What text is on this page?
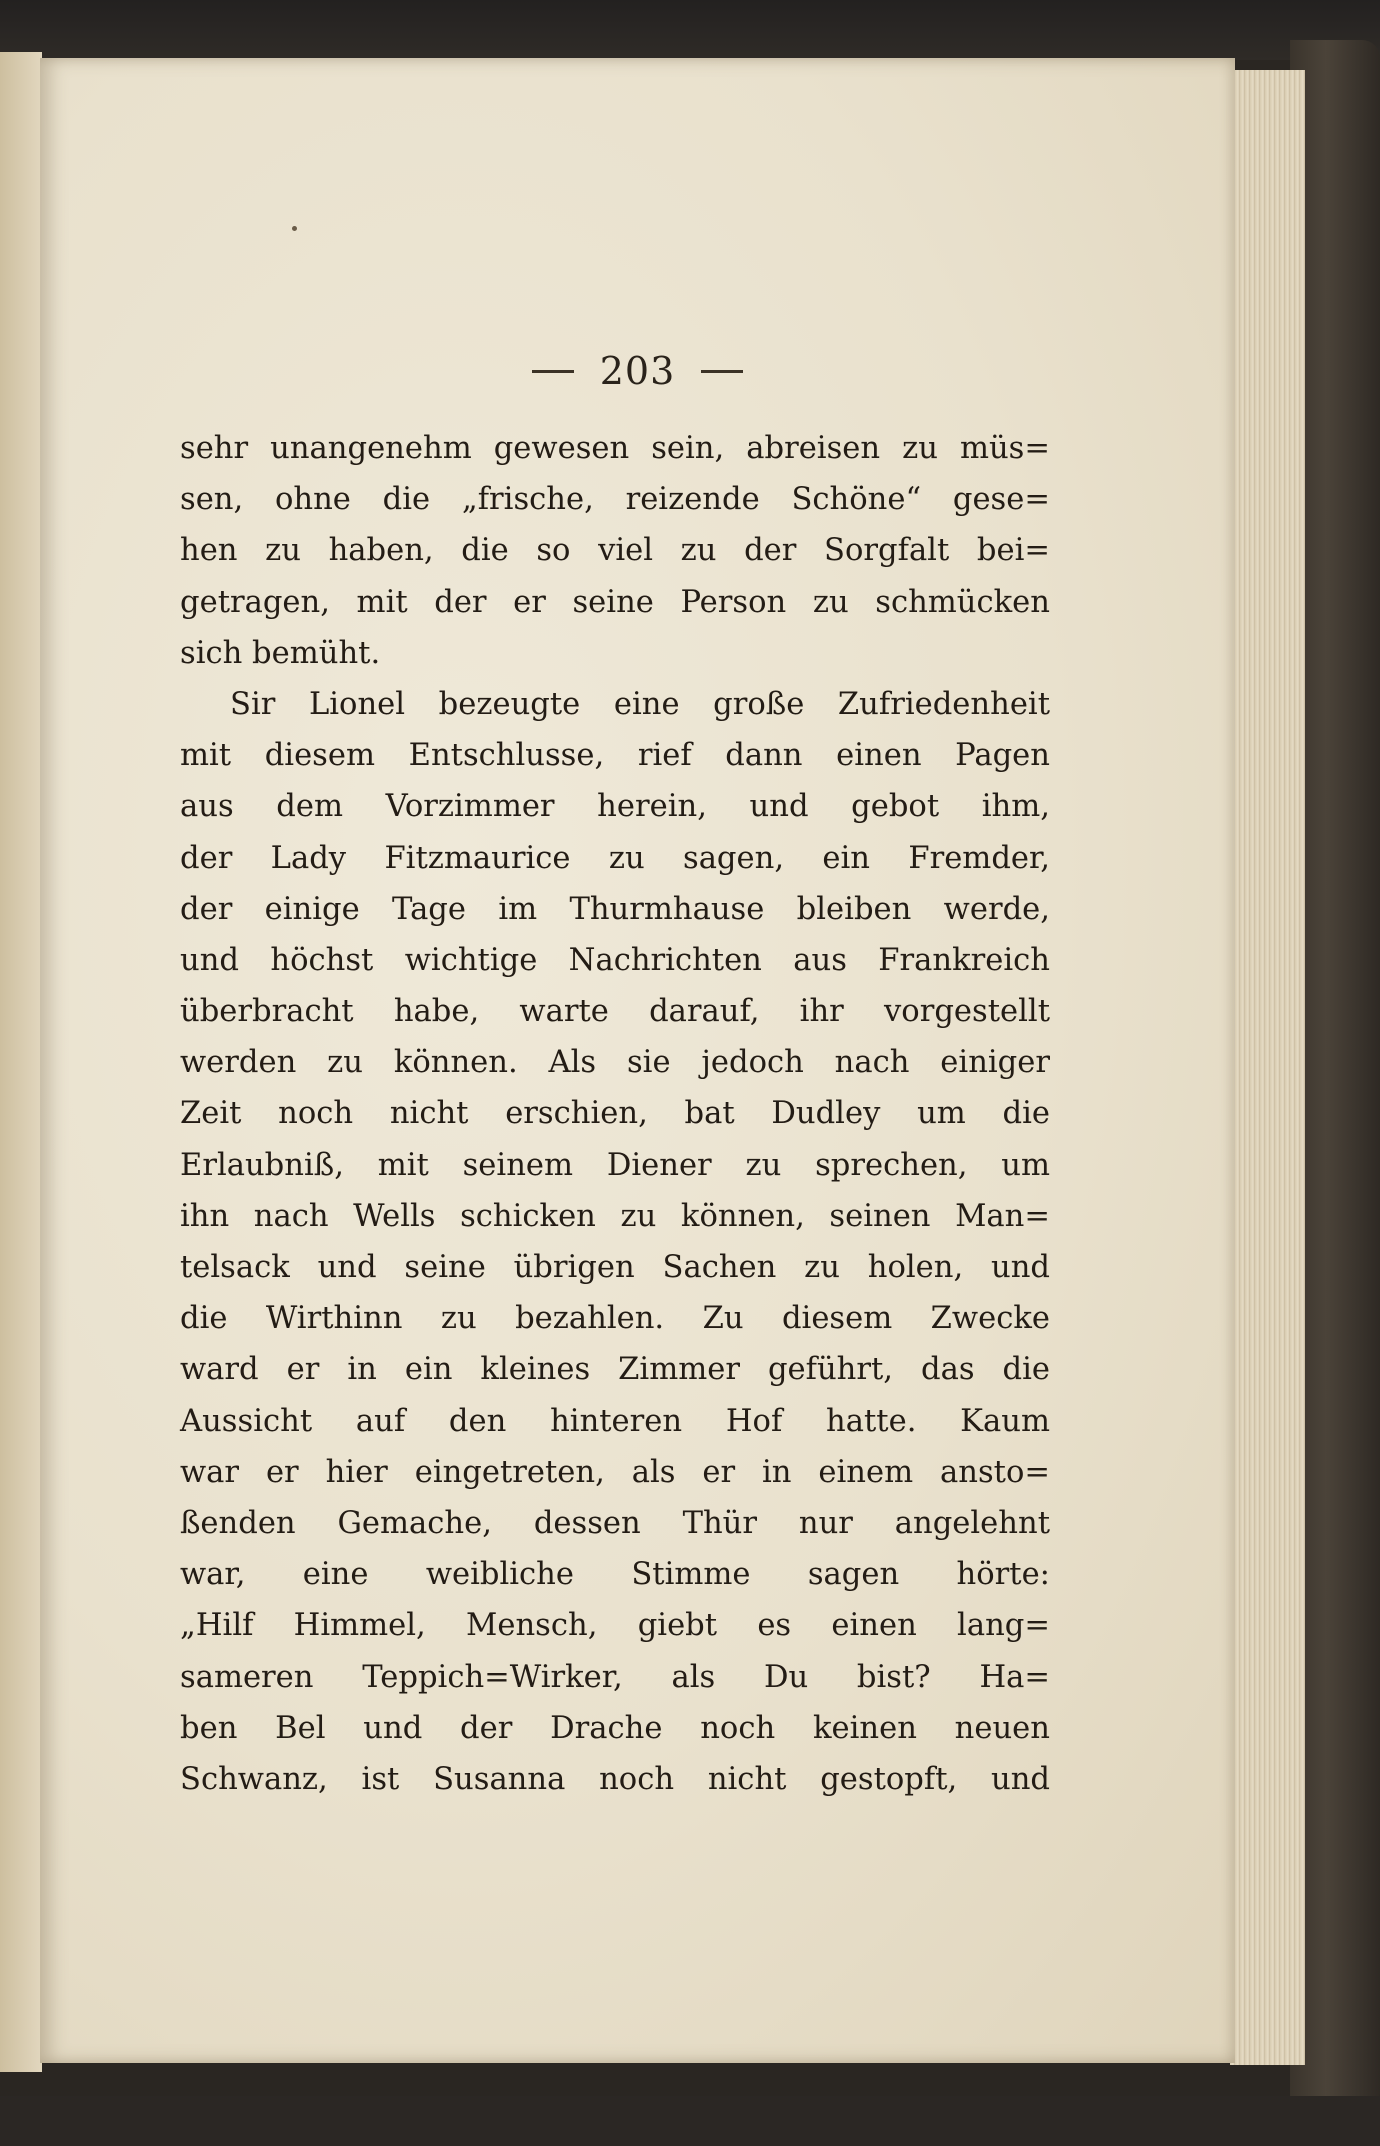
203
sehr unangenehm gewesen sein, abreisen zu müs=
sen, ohne die „frische, reizende Schöne“ gese=
hen zu haben, die so viel zu der Sorgfalt bei=
getragen, mit der er seine Person zu schmücken
sich bemüht.
Sir Lionel bezeugte eine große Zufriedenheit
mit diesem Entschlusse, rief dann einen Pagen
aus dem Vorzimmer herein, und gebot ihm,
der Lady Fitzmaurice zu sagen, ein Fremder,
der einige Tage im Thurmhause bleiben werde,
und höchst wichtige Nachrichten aus Frankreich
überbracht habe, warte darauf, ihr vorgestellt
werden zu können. Als sie jedoch nach einiger
Zeit noch nicht erschien, bat Dudley um die
Erlaubniß, mit seinem Diener zu sprechen, um
ihn nach Wells schicken zu können, seinen Man=
telsack und seine übrigen Sachen zu holen, und
die Wirthinn zu bezahlen. Zu diesem Zwecke
ward er in ein kleines Zimmer geführt, das die
Aussicht auf den hinteren Hof hatte. Kaum
war er hier eingetreten, als er in einem ansto=
ßenden Gemache, dessen Thür nur angelehnt
war, eine weibliche Stimme sagen hörte:
„Hilf Himmel, Mensch, giebt es einen lang=
sameren Teppich=Wirker, als Du bist? Ha=
ben Bel und der Drache noch keinen neuen
Schwanz, ist Susanna noch nicht gestopft, und
